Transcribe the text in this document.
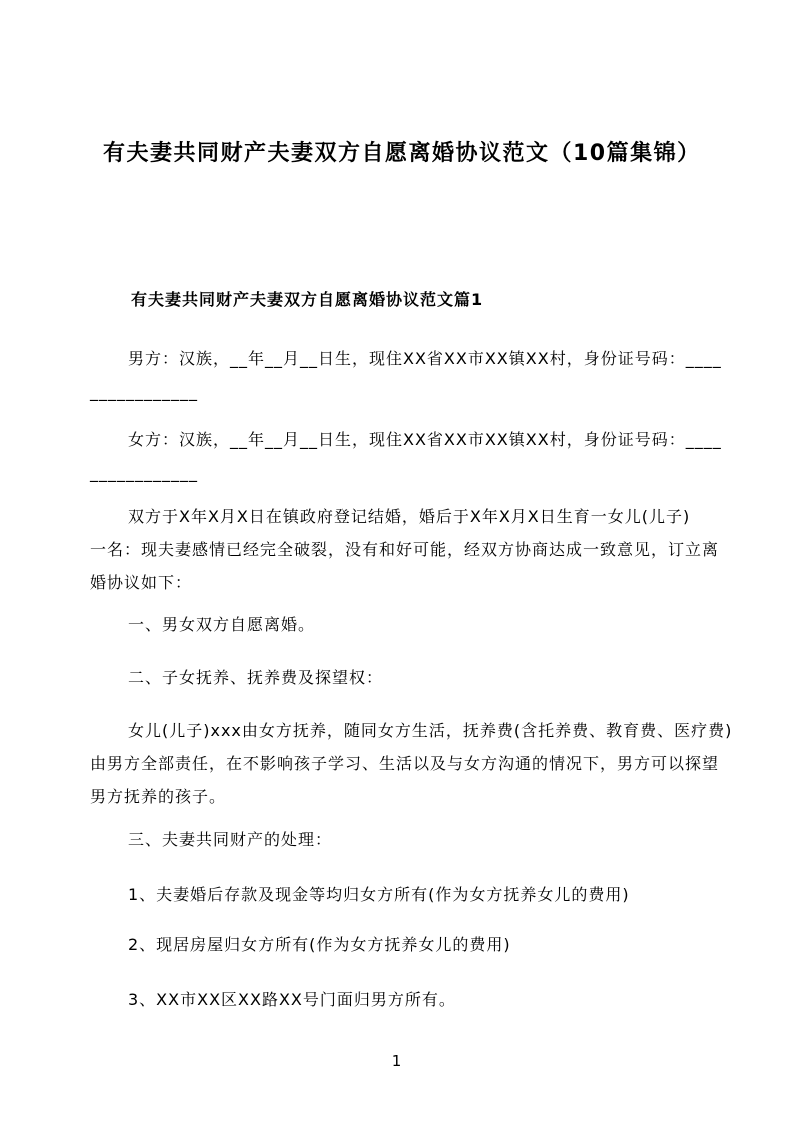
有夫妻共同财产夫妻双方自愿离婚协议范文（10篇集锦）
有夫妻共同财产夫妻双方自愿离婚协议范文篇1
男方：汉族，__年__月__日生，现住XX省XX市XX镇XX村，身份证号码：____
____________
女方：汉族，__年__月__日生，现住XX省XX市XX镇XX村，身份证号码：____
____________
双方于X年X月X日在镇政府登记结婚，婚后于X年X月X日生育一女儿(儿子)
一名：现夫妻感情已经完全破裂，没有和好可能，经双方协商达成一致意见，订立离
婚协议如下：
一、男女双方自愿离婚。
二、子女抚养、抚养费及探望权：
女儿(儿子)xxx由女方抚养，随同女方生活，抚养费(含托养费、教育费、医疗费)
由男方全部责任，在不影响孩子学习、生活以及与女方沟通的情况下，男方可以探望
男方抚养的孩子。
三、夫妻共同财产的处理：
1、夫妻婚后存款及现金等均归女方所有(作为女方抚养女儿的费用)
2、现居房屋归女方所有(作为女方抚养女儿的费用)
3、XX市XX区XX路XX号门面归男方所有。
1
